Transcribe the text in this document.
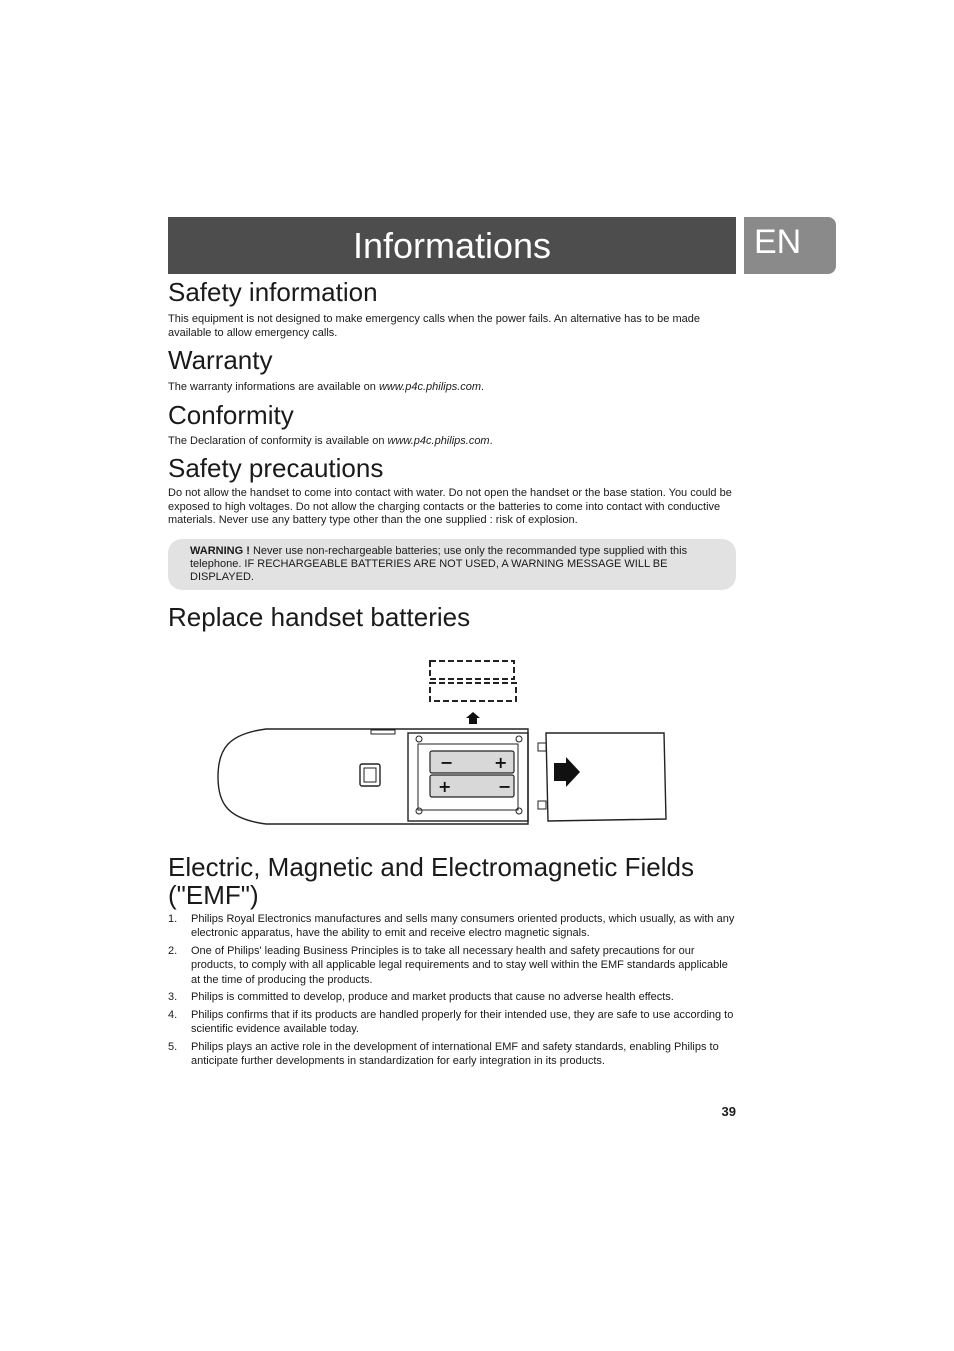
Informations	EN
Safety information

This equipment is not designed to make emergency calls when the power fails. An alternative has to be made available to allow emergency calls.

Warranty

The warranty informations are available on www.p4c.philips.com.

Conformity

The Declaration of conformity is available on www.p4c.philips.com.

Safety precautions

Do not allow the handset to come into contact with water. Do not open the handset or the base station. You could be exposed to high voltages. Do not allow the charging contacts or the batteries to come into contact with conductive materials. Never use any battery type other than the one supplied : risk of explosion.

WARNING ! Never use non-rechargeable batteries; use only the recommanded type supplied with this telephone. IF RECHARGEABLE BATTERIES ARE NOT USED, A WARNING MESSAGE WILL BE DISPLAYED.
Replace handset batteries
−	+
+	−
Electric, Magnetic and Electromagnetic Fields ("EMF")
1. Philips Royal Electronics manufactures and sells many consumers oriented products, which usually, as with any electronic apparatus, have the ability to emit and receive electro magnetic signals.
2. One of Philips' leading Business Principles is to take all necessary health and safety precautions for our products, to comply with all applicable legal requirements and to stay well within the EMF standards applicable at the time of producing the products.
3. Philips is committed to develop, produce and market products that cause no adverse health effects.
4. Philips confirms that if its products are handled properly for their intended use, they are safe to use according to scientific evidence available today.
5. Philips plays an active role in the development of international EMF and safety standards, enabling Philips to anticipate further developments in standardization for early integration in its products.
39
